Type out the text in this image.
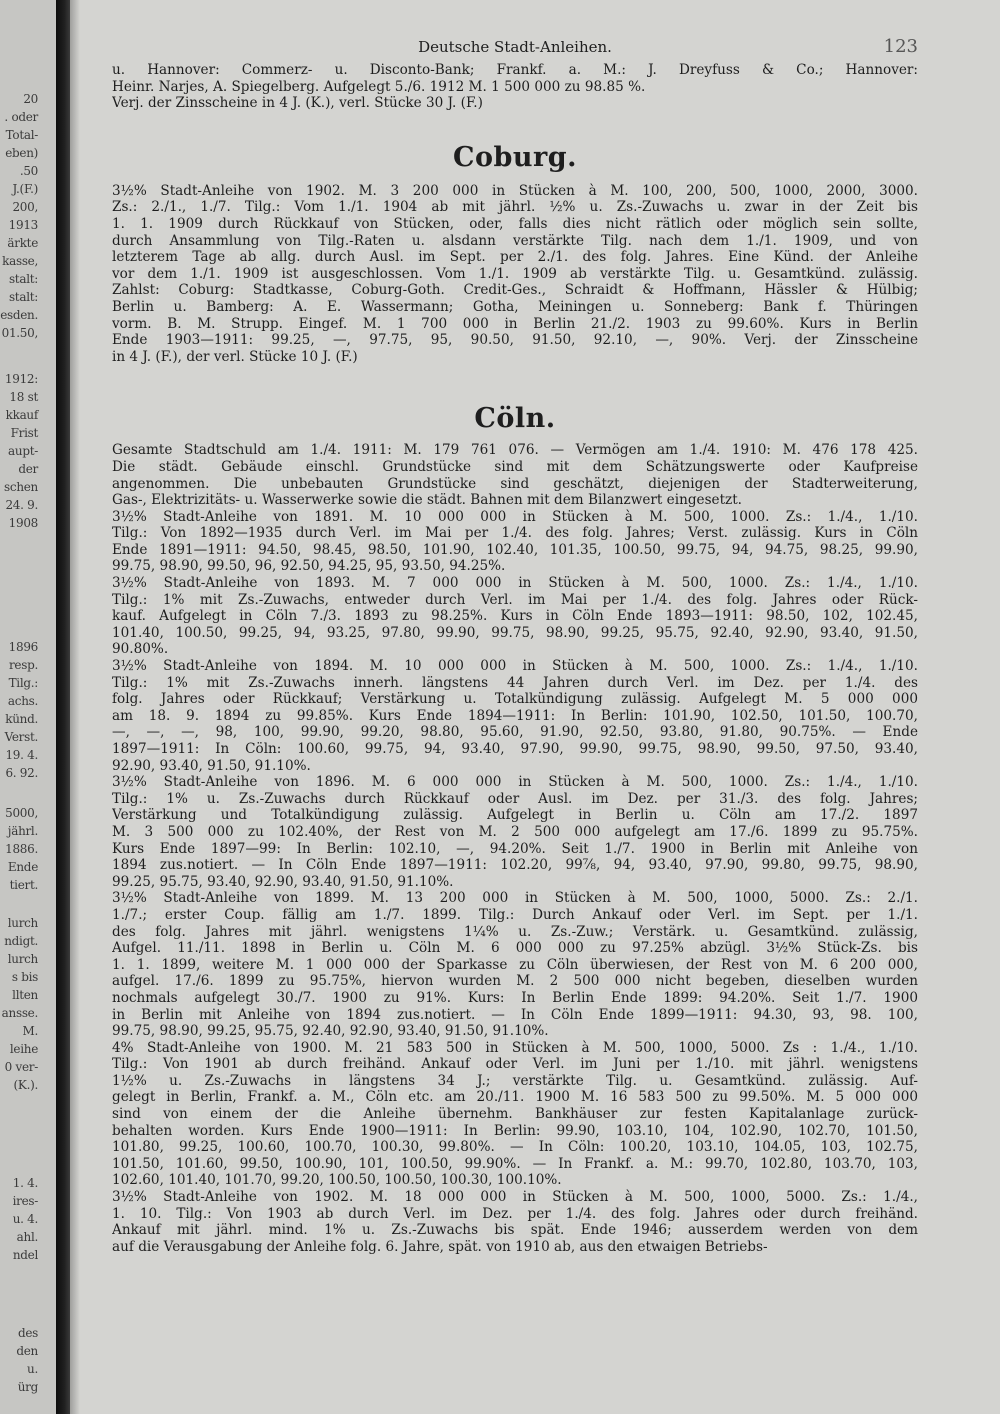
20
. oder
Total-
eben)
.50
J.(F.)
200,
1913
ärkte
kasse,
stalt:
stalt:
esden.
01.50,
1912:
18 st
kkauf
Frist
aupt-
der
schen
24. 9.
1908
1896
resp.
Tilg.:
achs.
künd.
Verst.
19. 4.
6. 92.
5000,
jährl.
1886.
Ende
tiert.
lurch
ndigt.
lurch
s bis
llten
ansse.
M.
leihe
0 ver-
(K.).
1. 4.
ires-
u. 4.
ahl.
ndel
des
den
u.
ürg
Deutsche Stadt-Anleihen.	123

u. Hannover: Commerz- u. Disconto-Bank; Frankf. a. M.: J. Dreyfuss & Co.; Hannover:

Heinr. Narjes, A. Spiegelberg. Aufgelegt 5./6. 1912 M. 1 500 000 zu 98.85 %.

Verj. der Zinsscheine in 4 J. (K.), verl. Stücke 30 J. (F.)

Coburg.

3½% Stadt-Anleihe von 1902. M. 3 200 000 in Stücken à M. 100, 200, 500, 1000, 2000, 3000.

Zs.: 2./1., 1./7. Tilg.: Vom 1./1. 1904 ab mit jährl. ½% u. Zs.-Zuwachs u. zwar in der Zeit bis

1. 1. 1909 durch Rückkauf von Stücken, oder, falls dies nicht rätlich oder möglich sein sollte,

durch Ansammlung von Tilg.-Raten u. alsdann verstärkte Tilg. nach dem 1./1. 1909, und von

letzterem Tage ab allg. durch Ausl. im Sept. per 2./1. des folg. Jahres. Eine Künd. der Anleihe

vor dem 1./1. 1909 ist ausgeschlossen. Vom 1./1. 1909 ab verstärkte Tilg. u. Gesamtkünd. zulässig.

Zahlst: Coburg: Stadtkasse, Coburg-Goth. Credit-Ges., Schraidt & Hoffmann, Hässler & Hülbig;

Berlin u. Bamberg: A. E. Wassermann; Gotha, Meiningen u. Sonneberg: Bank f. Thüringen

vorm. B. M. Strupp. Eingef. M. 1 700 000 in Berlin 21./2. 1903 zu 99.60%. Kurs in Berlin

Ende 1903—1911: 99.25, —, 97.75, 95, 90.50, 91.50, 92.10, —, 90%. Verj. der Zinsscheine

in 4 J. (F.), der verl. Stücke 10 J. (F.)

Cöln.

Gesamte Stadtschuld am 1./4. 1911: M. 179 761 076. — Vermögen am 1./4. 1910: M. 476 178 425.

Die städt. Gebäude einschl. Grundstücke sind mit dem Schätzungswerte oder Kaufpreise

angenommen. Die unbebauten Grundstücke sind geschätzt, diejenigen der Stadterweiterung,

Gas-, Elektrizitäts- u. Wasserwerke sowie die städt. Bahnen mit dem Bilanzwert eingesetzt.

3½% Stadt-Anleihe von 1891. M. 10 000 000 in Stücken à M. 500, 1000. Zs.: 1./4., 1./10.

Tilg.: Von 1892—1935 durch Verl. im Mai per 1./4. des folg. Jahres; Verst. zulässig. Kurs in Cöln

Ende 1891—1911: 94.50, 98.45, 98.50, 101.90, 102.40, 101.35, 100.50, 99.75, 94, 94.75, 98.25, 99.90,

99.75, 98.90, 99.50, 96, 92.50, 94.25, 95, 93.50, 94.25%.

3½% Stadt-Anleihe von 1893. M. 7 000 000 in Stücken à M. 500, 1000. Zs.: 1./4., 1./10.

Tilg.: 1% mit Zs.-Zuwachs, entweder durch Verl. im Mai per 1./4. des folg. Jahres oder Rück-

kauf. Aufgelegt in Cöln 7./3. 1893 zu 98.25%. Kurs in Cöln Ende 1893—1911: 98.50, 102, 102.45,

101.40, 100.50, 99.25, 94, 93.25, 97.80, 99.90, 99.75, 98.90, 99.25, 95.75, 92.40, 92.90, 93.40, 91.50,

90.80%.

3½% Stadt-Anleihe von 1894. M. 10 000 000 in Stücken à M. 500, 1000. Zs.: 1./4., 1./10.

Tilg.: 1% mit Zs.-Zuwachs innerh. längstens 44 Jahren durch Verl. im Dez. per 1./4. des

folg. Jahres oder Rückkauf; Verstärkung u. Totalkündigung zulässig. Aufgelegt M. 5 000 000

am 18. 9. 1894 zu 99.85%. Kurs Ende 1894—1911: In Berlin: 101.90, 102.50, 101.50, 100.70,

—, —, —, 98, 100, 99.90, 99.20, 98.80, 95.60, 91.90, 92.50, 93.80, 91.80, 90.75%. — Ende

1897—1911: In Cöln: 100.60, 99.75, 94, 93.40, 97.90, 99.90, 99.75, 98.90, 99.50, 97.50, 93.40,

92.90, 93.40, 91.50, 91.10%.

3½% Stadt-Anleihe von 1896. M. 6 000 000 in Stücken à M. 500, 1000. Zs.: 1./4., 1./10.

Tilg.: 1% u. Zs.-Zuwachs durch Rückkauf oder Ausl. im Dez. per 31./3. des folg. Jahres;

Verstärkung und Totalkündigung zulässig. Aufgelegt in Berlin u. Cöln am 17./2. 1897

M. 3 500 000 zu 102.40%, der Rest von M. 2 500 000 aufgelegt am 17./6. 1899 zu 95.75%.

Kurs Ende 1897—99: In Berlin: 102.10, —, 94.20%. Seit 1./7. 1900 in Berlin mit Anleihe von

1894 zus.notiert. — In Cöln Ende 1897—1911: 102.20, 99⅞, 94, 93.40, 97.90, 99.80, 99.75, 98.90,

99.25, 95.75, 93.40, 92.90, 93.40, 91.50, 91.10%.

3½% Stadt-Anleihe von 1899. M. 13 200 000 in Stücken à M. 500, 1000, 5000. Zs.: 2./1.

1./7.; erster Coup. fällig am 1./7. 1899. Tilg.: Durch Ankauf oder Verl. im Sept. per 1./1.

des folg. Jahres mit jährl. wenigstens 1¼% u. Zs.-Zuw.; Verstärk. u. Gesamtkünd. zulässig,

Aufgel. 11./11. 1898 in Berlin u. Cöln M. 6 000 000 zu 97.25% abzügl. 3½% Stück-Zs. bis

1. 1. 1899, weitere M. 1 000 000 der Sparkasse zu Cöln überwiesen, der Rest von M. 6 200 000,

aufgel. 17./6. 1899 zu 95.75%, hiervon wurden M. 2 500 000 nicht begeben, dieselben wurden

nochmals aufgelegt 30./7. 1900 zu 91%. Kurs: In Berlin Ende 1899: 94.20%. Seit 1./7. 1900

in Berlin mit Anleihe von 1894 zus.notiert. — In Cöln Ende 1899—1911: 94.30, 93, 98. 100,

99.75, 98.90, 99.25, 95.75, 92.40, 92.90, 93.40, 91.50, 91.10%.

4% Stadt-Anleihe von 1900. M. 21 583 500 in Stücken à M. 500, 1000, 5000. Zs : 1./4., 1./10.

Tilg.: Von 1901 ab durch freihänd. Ankauf oder Verl. im Juni per 1./10. mit jährl. wenigstens

1½% u. Zs.-Zuwachs in längstens 34 J.; verstärkte Tilg. u. Gesamtkünd. zulässig. Auf-

gelegt in Berlin, Frankf. a. M., Cöln etc. am 20./11. 1900 M. 16 583 500 zu 99.50%. M. 5 000 000

sind von einem der die Anleihe übernehm. Bankhäuser zur festen Kapitalanlage zurück-

behalten worden. Kurs Ende 1900—1911: In Berlin: 99.90, 103.10, 104, 102.90, 102.70, 101.50,

101.80, 99.25, 100.60, 100.70, 100.30, 99.80%. — In Cöln: 100.20, 103.10, 104.05, 103, 102.75,

101.50, 101.60, 99.50, 100.90, 101, 100.50, 99.90%. — In Frankf. a. M.: 99.70, 102.80, 103.70, 103,

102.60, 101.40, 101.70, 99.20, 100.50, 100.50, 100.30, 100.10%.

3½% Stadt-Anleihe von 1902. M. 18 000 000 in Stücken à M. 500, 1000, 5000. Zs.: 1./4.,

1. 10. Tilg.: Von 1903 ab durch Verl. im Dez. per 1./4. des folg. Jahres oder durch freihänd.

Ankauf mit jährl. mind. 1% u. Zs.-Zuwachs bis spät. Ende 1946; ausserdem werden von dem

auf die Verausgabung der Anleihe folg. 6. Jahre, spät. von 1910 ab, aus den etwaigen Betriebs-
